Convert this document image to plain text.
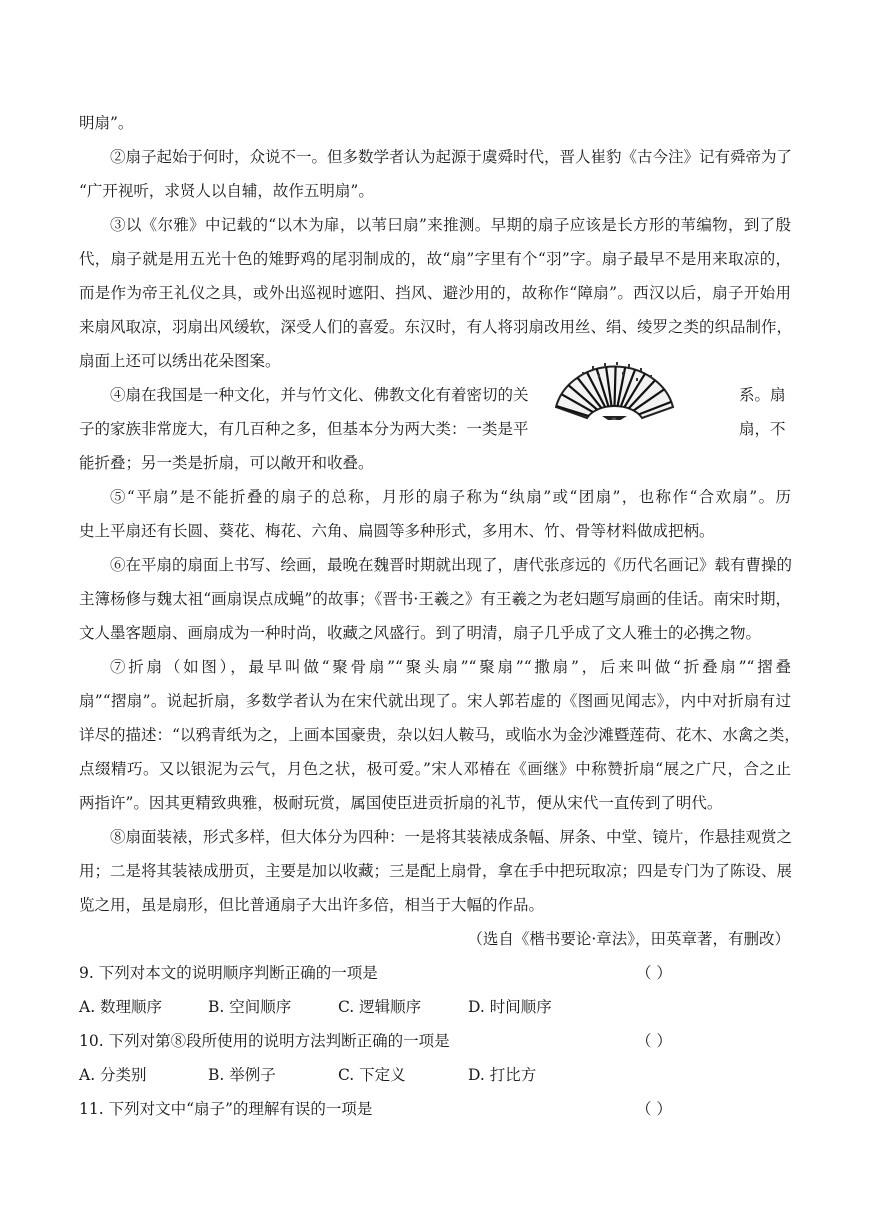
明扇”。
②扇子起始于何时，众说不一。但多数学者认为起源于虞舜时代，晋人崔豹《古今注》记有舜帝为了
“广开视听，求贤人以自辅，故作五明扇”。
③以《尔雅》中记载的“以木为扉，以苇曰扇”来推测。早期的扇子应该是长方形的苇编物，到了殷
代，扇子就是用五光十色的雉野鸡的尾羽制成的，故“扇”字里有个“羽”字。扇子最早不是用来取凉的，
而是作为帝王礼仪之具，或外出巡视时遮阳、挡风、避沙用的，故称作“障扇”。西汉以后，扇子开始用
来扇风取凉，羽扇出风缓软，深受人们的喜爱。东汉时，有人将羽扇改用丝、绢、绫罗之类的织品制作，
扇面上还可以绣出花朵图案。
④扇在我国是一种文化，并与竹文化、佛教文化有着密切的关	系。扇
子的家族非常庞大，有几百种之多，但基本分为两大类：一类是平	扇，不
能折叠；另一类是折扇，可以敞开和收叠。
⑤“平扇”是不能折叠的扇子的总称，月形的扇子称为“纨扇”或“团扇”，也称作“合欢扇”。历
史上平扇还有长圆、葵花、梅花、六角、扁圆等多种形式，多用木、竹、骨等材料做成把柄。
⑥在平扇的扇面上书写、绘画，最晚在魏晋时期就出现了，唐代张彦远的《历代名画记》载有曹操的
主簿杨修与魏太祖“画扇误点成蝇”的故事；《晋书·王羲之》有王羲之为老妇题写扇画的佳话。南宋时期，
文人墨客题扇、画扇成为一种时尚，收藏之风盛行。到了明清，扇子几乎成了文人雅士的必携之物。
⑦折扇（如图），最早叫做“聚骨扇”“聚头扇”“聚扇”“撒扇”，后来叫做“折叠扇”“摺叠
扇”“摺扇”。说起折扇，多数学者认为在宋代就出现了。宋人郭若虚的《图画见闻志》，内中对折扇有过
详尽的描述：“以鸦青纸为之，上画本国豪贵，杂以妇人鞍马，或临水为金沙滩暨莲荷、花木、水禽之类，
点缀精巧。又以银泥为云气，月色之状，极可爱。”宋人邓椿在《画继》中称赞折扇“展之广尺，合之止
两指许”。因其更精致典雅，极耐玩赏，属国使臣进贡折扇的礼节，便从宋代一直传到了明代。
⑧扇面装裱，形式多样，但大体分为四种：一是将其装裱成条幅、屏条、中堂、镜片，作悬挂观赏之
用；二是将其装裱成册页，主要是加以收藏；三是配上扇骨，拿在手中把玩取凉；四是专门为了陈设、展
览之用，虽是扇形，但比普通扇子大出许多倍，相当于大幅的作品。
（选自《楷书要论·章法》，田英章著，有删改）
9. 下列对本文的说明顺序判断正确的一项是	（ ）
A. 数理顺序	B. 空间顺序	C. 逻辑顺序	D. 时间顺序
10. 下列对第⑧段所使用的说明方法判断正确的一项是	（ ）
A. 分类别	B. 举例子	C. 下定义	D. 打比方
11. 下列对文中“扇子”的理解有误的一项是	（ ）
